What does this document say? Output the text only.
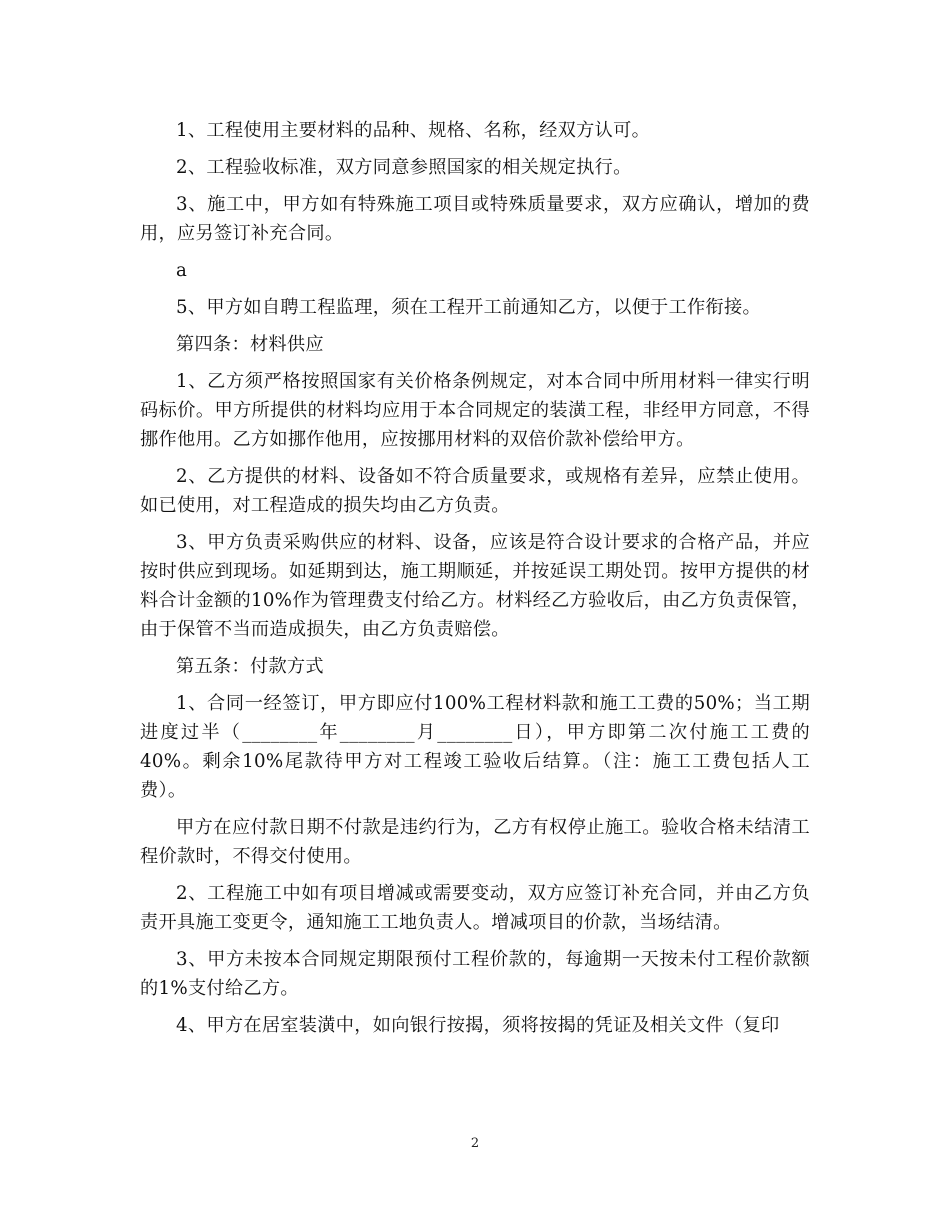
1、工程使用主要材料的品种、规格、名称，经双方认可。

2、工程验收标准，双方同意参照国家的相关规定执行。

3、施工中，甲方如有特殊施工项目或特殊质量要求，双方应确认，增加的费用，应另签订补充合同。

a

5、甲方如自聘工程监理，须在工程开工前通知乙方，以便于工作衔接。

第四条：材料供应

1、乙方须严格按照国家有关价格条例规定，对本合同中所用材料一律实行明码标价。甲方所提供的材料均应用于本合同规定的装潢工程，非经甲方同意，不得挪作他用。乙方如挪作他用，应按挪用材料的双倍价款补偿给甲方。

2、乙方提供的材料、设备如不符合质量要求，或规格有差异，应禁止使用。如已使用，对工程造成的损失均由乙方负责。

3、甲方负责采购供应的材料、设备，应该是符合设计要求的合格产品，并应按时供应到现场。如延期到达，施工期顺延，并按延误工期处罚。按甲方提供的材料合计金额的10%作为管理费支付给乙方。材料经乙方验收后，由乙方负责保管，由于保管不当而造成损失，由乙方负责赔偿。

第五条：付款方式

1、合同一经签订，甲方即应付100%工程材料款和施工工费的50%；当工期进度过半（________年________月________日），甲方即第二次付施工工费的40%。剩余10%尾款待甲方对工程竣工验收后结算。（注：施工工费包括人工费）。

甲方在应付款日期不付款是违约行为，乙方有权停止施工。验收合格未结清工程价款时，不得交付使用。

2、工程施工中如有项目增减或需要变动，双方应签订补充合同，并由乙方负责开具施工变更令，通知施工工地负责人。增减项目的价款，当场结清。

3、甲方未按本合同规定期限预付工程价款的，每逾期一天按未付工程价款额的1%支付给乙方。

4、甲方在居室装潢中，如向银行按揭，须将按揭的凭证及相关文件（复印

2
